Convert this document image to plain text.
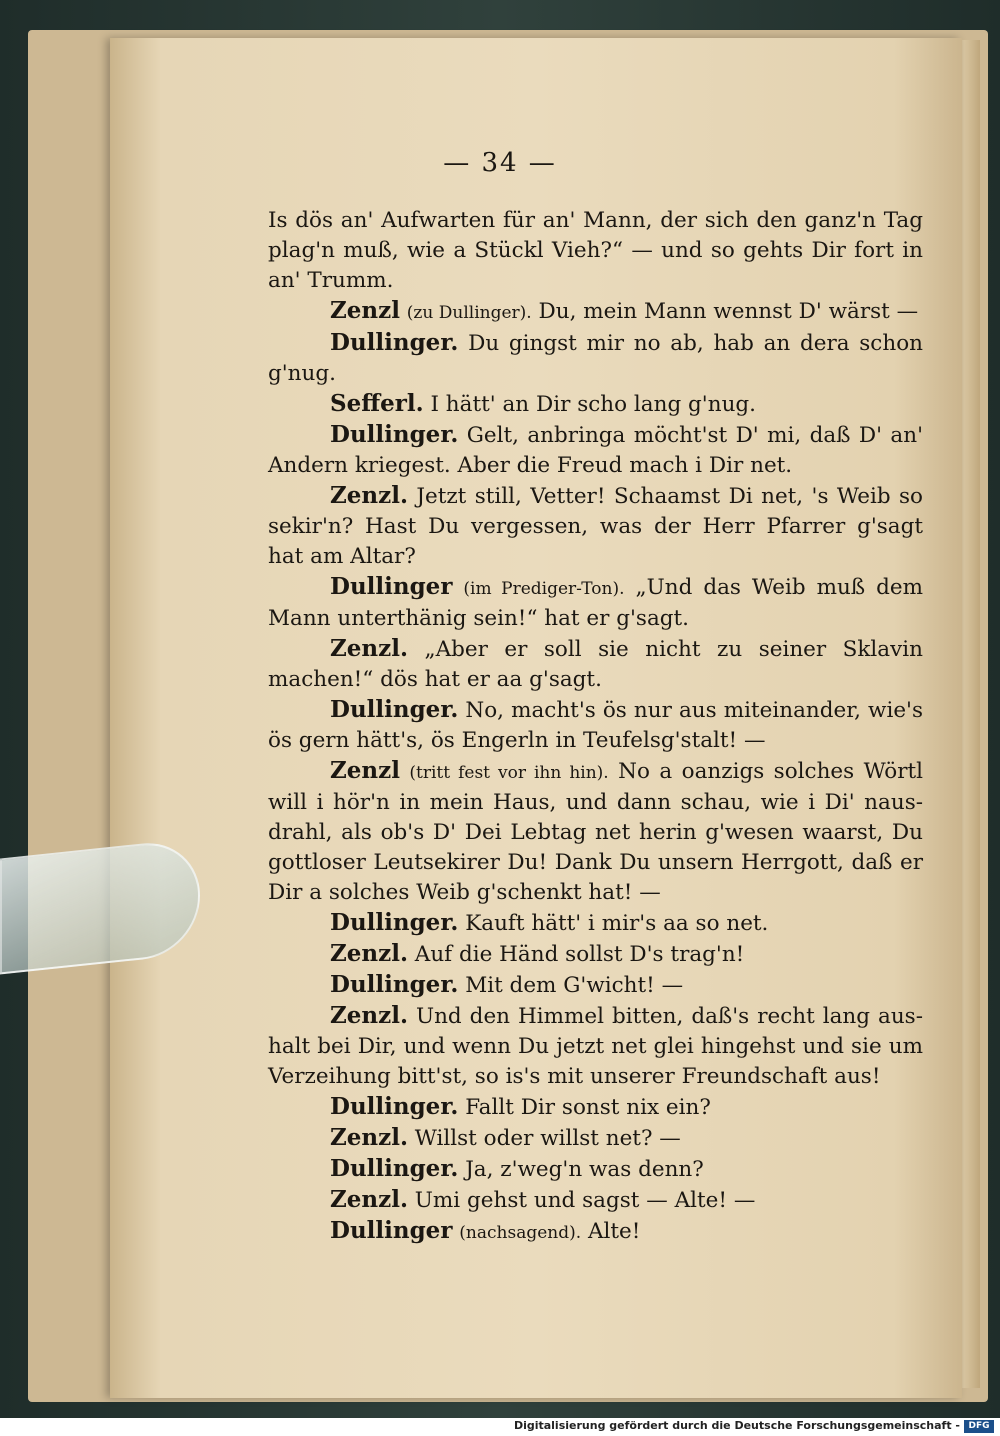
— 34 —

Is dös an' Aufwarten für an' Mann, der sich den ganz'n Tag plag'n muß, wie a Stückl Vieh?“ — und so gehts Dir fort in an' Trumm.

Zenzl (zu Dullinger). Du, mein Mann wennst D' wärst —

Dullinger. Du gingst mir no ab, hab an dera schon g'nug.

Sefferl. I hätt' an Dir scho lang g'nug.

Dullinger. Gelt, anbringa möcht'st D' mi, daß D' an' Andern kriegest. Aber die Freud mach i Dir net.

Zenzl. Jetzt still, Vetter! Schaamst Di net, 's Weib so sekir'n? Hast Du vergessen, was der Herr Pfarrer g'sagt hat am Altar?

Dullinger (im Prediger-Ton). „Und das Weib muß dem Mann unterthänig sein!“ hat er g'sagt.

Zenzl. „Aber er soll sie nicht zu seiner Sklavin machen!“ dös hat er aa g'sagt.

Dullinger. No, macht's ös nur aus miteinander, wie's ös gern hätt's, ös Engerln in Teufelsg'stalt! —

Zenzl (tritt fest vor ihn hin). No a oanzigs solches Wörtl will i hör'n in mein Haus, und dann schau, wie i Di' nausdrahl, als ob's D' Dei Lebtag net herin g'wesen waarst, Du gottloser Leutsekirer Du! Dank Du unsern Herrgott, daß er Dir a solches Weib g'schenkt hat! —

Dullinger. Kauft hätt' i mir's aa so net.

Zenzl. Auf die Händ sollst D's trag'n!

Dullinger. Mit dem G'wicht! —

Zenzl. Und den Himmel bitten, daß's recht lang aushalt bei Dir, und wenn Du jetzt net glei hingehst und sie um Verzeihung bitt'st, so is's mit unserer Freundschaft aus!

Dullinger. Fallt Dir sonst nix ein?

Zenzl. Willst oder willst net? —

Dullinger. Ja, z'weg'n was denn?

Zenzl. Umi gehst und sagst — Alte! —

Dullinger (nachsagend). Alte!

Digitalisierung gefördert durch die Deutsche Forschungsgemeinschaft - DFG
